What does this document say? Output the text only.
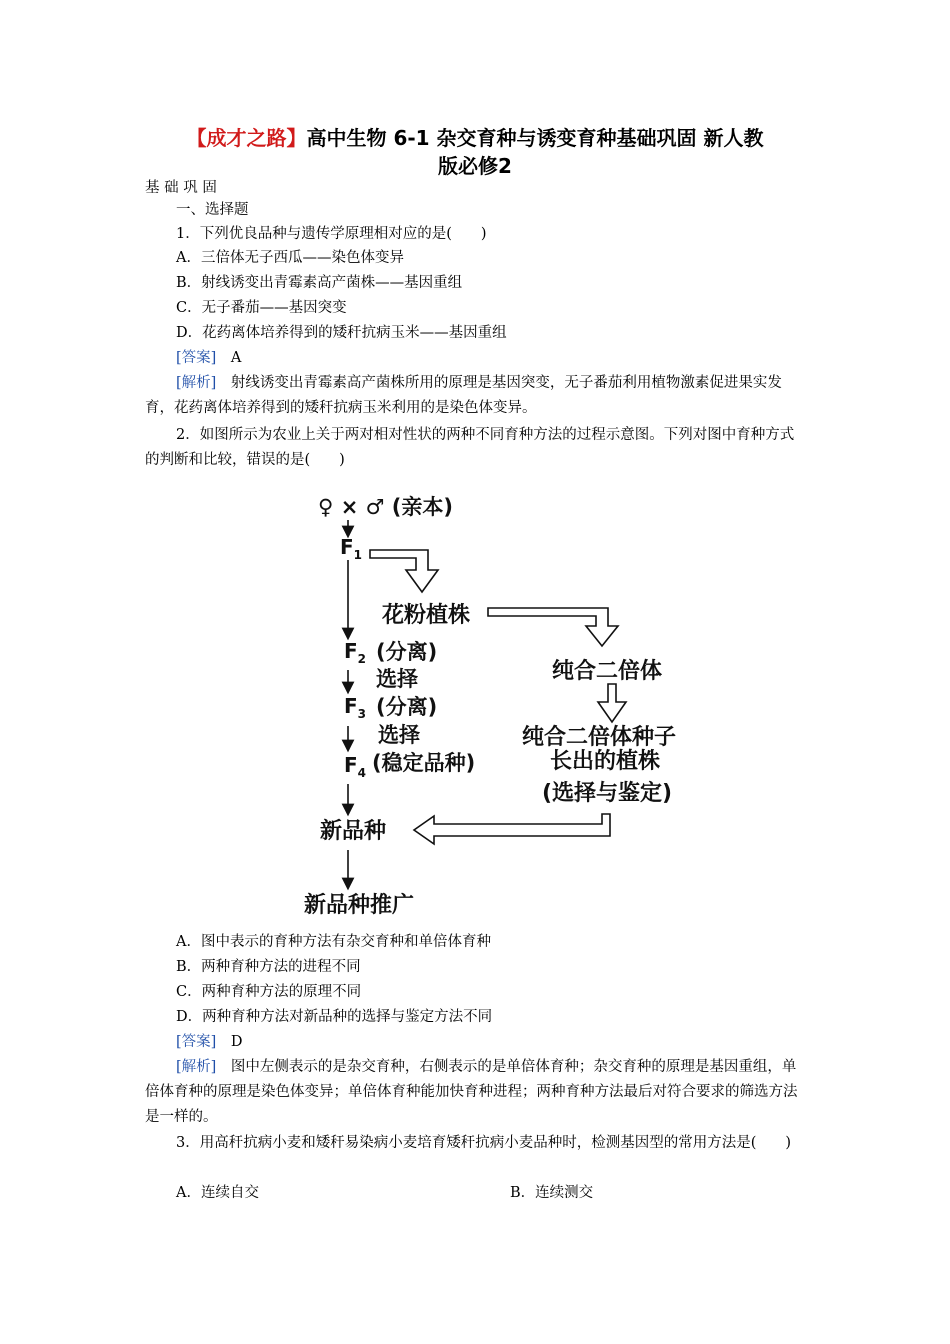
【成才之路】高中生物 6-1 杂交育种与诱变育种基础巩固 新人教
版必修2
基 础 巩 固
一、选择题
1．下列优良品种与遗传学原理相对应的是(　　)
A．三倍体无子西瓜——染色体变异
B．射线诱变出青霉素高产菌株——基因重组
C．无子番茄——基因突变
D．花药离体培养得到的矮秆抗病玉米——基因重组
[答案]　 A
[解析]　 射线诱变出青霉素高产菌株所用的原理是基因突变，无子番茄利用植物激素促进果实发育，花药离体培养得到的矮秆抗病玉米利用的是染色体变异。
2．如图所示为农业上关于两对相对性状的两种不同育种方法的过程示意图。下列对图中育种方式的判断和比较，错误的是(　　)
♀ × ♂ (亲本)
$F_1$
$F_2$ (分离)
选择
$F_3$ (分离)
选择
$F_4$ (稳定品种)
新品种
新品种推广
花粉植株
纯合二倍体
纯合二倍体种子
长出的植株
(选择与鉴定)
A．图中表示的育种方法有杂交育种和单倍体育种
B．两种育种方法的进程不同
C．两种育种方法的原理不同
D．两种育种方法对新品种的选择与鉴定方法不同
[答案]　 D
[解析]　 图中左侧表示的是杂交育种，右侧表示的是单倍体育种；杂交育种的原理是基因重组，单倍体育种的原理是染色体变异；单倍体育种能加快育种进程；两种育种方法最后对符合要求的筛选方法是一样的。
3．用高秆抗病小麦和矮秆易染病小麦培育矮秆抗病小麦品种时，检测基因型的常用方法是(　　)
A．连续自交	B．连续测交
